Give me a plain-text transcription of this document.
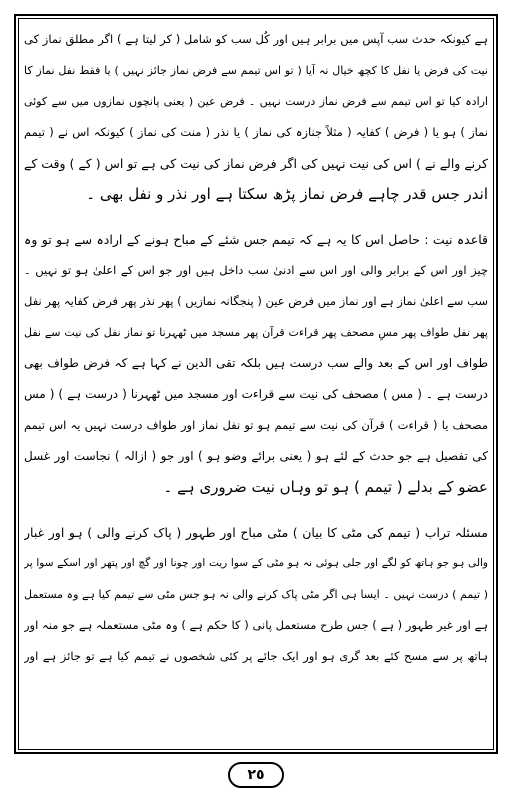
ہے کیونکہ حدث سب آپس میں برابر ہیں اور کُل سب کو شامل ( کر لیتا ہے ) اگر مطلق نماز کی
نیت کی فرض یا نفل کا کچھ خیال نہ آیا ( تو اس تیمم سے فرض نماز جائز نہیں ) یا فقط نفل نماز کا
ارادہ کیا تو اس تیمم سے فرض نماز درست نہیں ۔ فرض عین ( یعنی پانچوں نمازوں میں سے کوئی
نماز ) ہو یا ( فرض ) کفایہ ( مثلاً جنازہ کی نماز ) یا نذر ( منت کی نماز ) کیونکہ اس نے ( تیمم
کرنے والے نے ) اس کی نیت نہیں کی اگر فرض نماز کی نیت کی ہے تو اس ( کے ) وقت کے
اندر جس قدر چاہے فرض نماز پڑھ سکتا ہے اور نذر و نفل بھی ۔
قاعدہ نیت : حاصل اس کا یہ ہے کہ تیمم جس شئے کے مباح ہونے کے ارادہ سے ہو تو وہ
چیز اور اس کے برابر والی اور اس سے ادنیٰ سب داخل ہیں اور جو اس کے اعلیٰ ہو تو نہیں ۔
سب سے اعلیٰ نماز ہے اور نماز میں فرض عین ( پنجگانہ نمازیں ) پھر نذر پھر فرض کفایہ پھر نفل
پھر نفل طواف پھر مسِ مصحف پھر قراءت قرآن پھر مسجد میں ٹھہرنا تو نماز نفل کی نیت سے نفل
طواف اور اس کے بعد والے سب درست ہیں بلکہ تقی الدین نے کہا ہے کہ فرض طواف بھی
درست ہے ۔ ( مس ) مصحف کی نیت سے قراءت اور مسجد میں ٹھہرنا ( درست ہے ) ( مس
مصحف یا ( قراءت ) قرآن کی نیت سے تیمم ہو تو نفل نماز اور طواف درست نہیں یہ اس تیمم
کی تفصیل ہے جو حدث کے لئے ہو ( یعنی برائے وضو ہو ) اور جو ( ازالہ ) نجاست اور غسل
عضو کے بدلے ( تیمم ) ہو تو وہاں نیت ضروری ہے ۔
مسئلہ تراب ( تیمم کی مٹی کا بیان ) مٹی مباح اور طہور ( پاک کرنے والی ) ہو اور غبار
والی ہو جو ہاتھ کو لگے اور جلی ہوئی نہ ہو مٹی کے سوا ریت اور چونا اور گچ اور پتھر اور اسکے سوا پر
( تیمم ) درست نہیں ۔ ایسا ہی اگر مٹی پاک کرنے والی نہ ہو جس مٹی سے تیمم کیا ہے وہ مستعمل
ہے اور غیر طہور ( ہے ) جس طرح مستعمل پانی ( کا حکم ہے ) وہ مٹی مستعملہ ہے جو منہ اور
ہاتھ پر سے مسح کئے بعد گری ہو اور ایک جائے پر کئی شخصوں نے تیمم کیا ہے تو جائز ہے اور
٢٥
